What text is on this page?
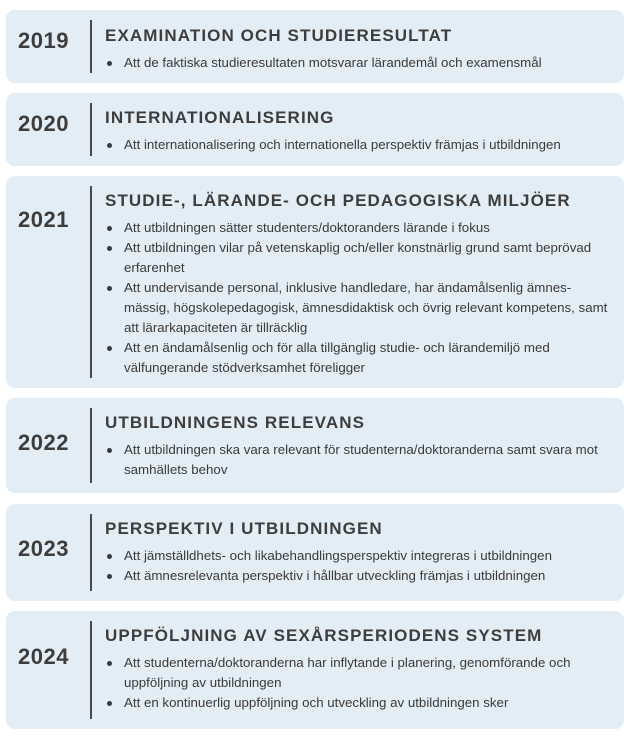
2019	EXAMINATION OCH STUDIERESULTAT
Att de faktiska studieresultaten motsvarar lärandemål och examensmål
2020	INTERNATIONALISERING
Att internationalisering och internationella perspektiv främjas i utbildningen
2021
STUDIE-, LÄRANDE- OCH PEDAGOGISKA MILJÖER
Att utbildningen sätter studenters/doktoranders lärande i fokus
Att utbildningen vilar på vetenskaplig och/eller konstnärlig grund samt beprövad erfarenhet
Att undervisande personal, inklusive handledare, har ändamålsenlig ämnes-mässig, högskolepedagogisk, ämnesdidaktisk och övrig relevant kompetens, samt att lärarkapaciteten är tillräcklig
Att en ändamålsenlig och för alla tillgänglig studie- och lärandemiljö med välfungerande stödverksamhet föreligger
2022
UTBILDNINGENS RELEVANS
Att utbildningen ska vara relevant för studenterna/doktoranderna samt svara mot samhällets behov
2023
PERSPEKTIV I UTBILDNINGEN
Att jämställdhets- och likabehandlingsperspektiv integreras i utbildningen
Att ämnesrelevanta perspektiv i hållbar utveckling främjas i utbildningen
2024
UPPFÖLJNING AV SEXÅRSPERIODENS SYSTEM
Att studenterna/doktoranderna har inflytande i planering, genomförande och uppföljning av utbildningen
Att en kontinuerlig uppföljning och utveckling av utbildningen sker
